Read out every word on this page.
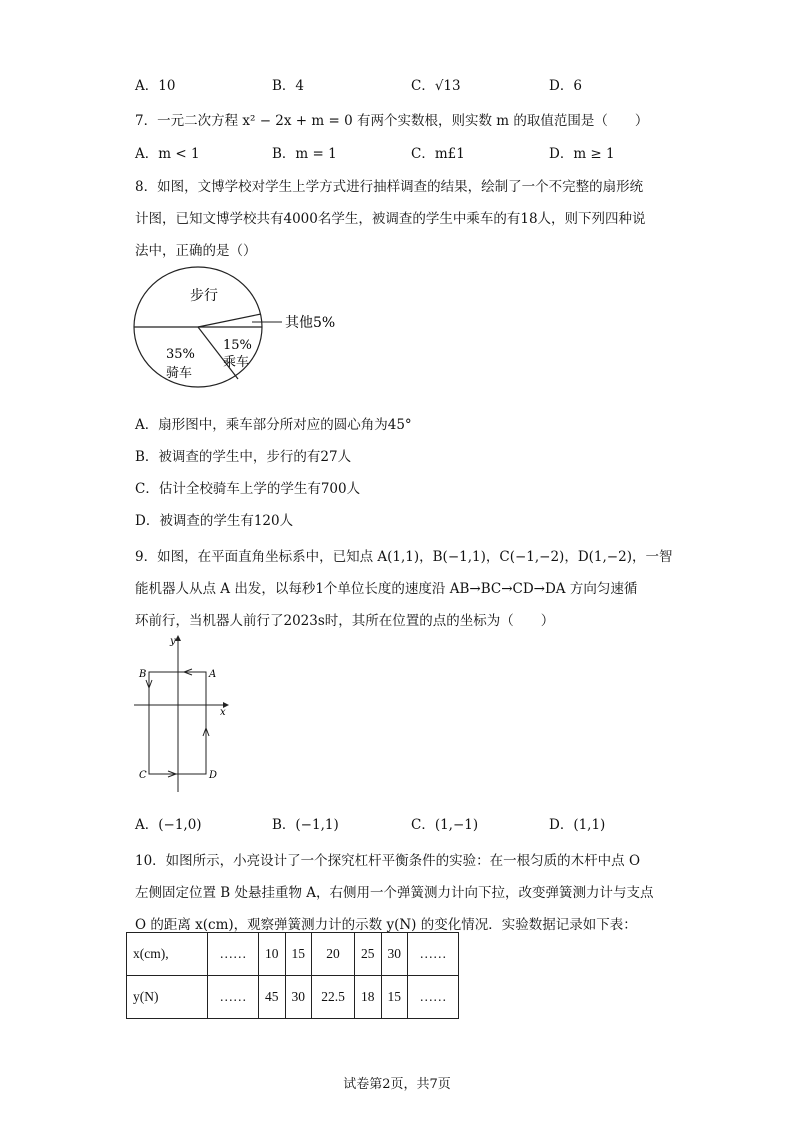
A．10	B．4	C．√13	D．6
7．一元二次方程 x² − 2x + m = 0 有两个实数根，则实数 m 的取值范围是（　　）
A．m < 1	B．m = 1	C．m£1	D．m ≥ 1
8．如图，文博学校对学生上学方式进行抽样调查的结果，绘制了一个不完整的扇形统
计图，已知文博学校共有4000名学生，被调查的学生中乘车的有18人，则下列四种说
法中，正确的是（）
步行
其他5%
15%
乘车
35%
骑车
A．扇形图中，乘车部分所对应的圆心角为45°
B．被调查的学生中，步行的有27人
C．估计全校骑车上学的学生有700人
D．被调查的学生有120人
9．如图，在平面直角坐标系中，已知点 A(1,1)，B(−1,1)，C(−1,−2)，D(1,−2)，一智
能机器人从点 A 出发，以每秒1个单位长度的速度沿 AB→BC→CD→DA 方向匀速循
环前行，当机器人前行了2023s时，其所在位置的点的坐标为（　　）
y
x
A
B
C	D
A．(−1,0)	B．(−1,1)	C．(1,−1)	D．(1,1)
10．如图所示，小亮设计了一个探究杠杆平衡条件的实验：在一根匀质的木杆中点 O
左侧固定位置 B 处悬挂重物 A，右侧用一个弹簧测力计向下拉，改变弹簧测力计与支点
O 的距离 x(cm)，观察弹簧测力计的示数 y(N) 的变化情况．实验数据记录如下表：
x(cm),	……	10	15	20	25	30	……
y(N)	……	45	30	22.5	18	15	……
试卷第2页，共7页
